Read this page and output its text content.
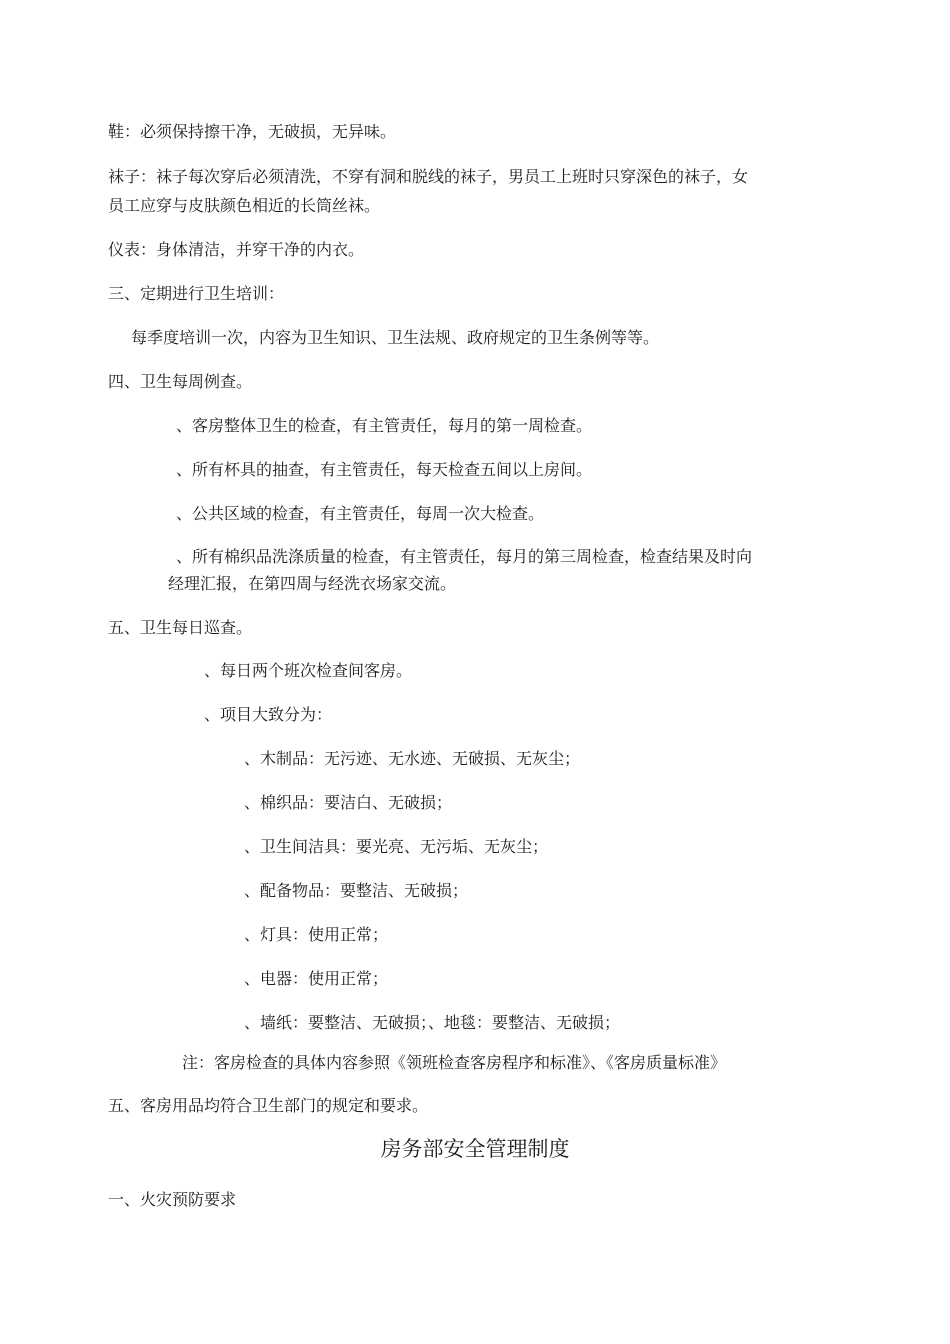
鞋：必须保持擦干净，无破损，无异味。
袜子：袜子每次穿后必须清洗，不穿有洞和脱线的袜子，男员工上班时只穿深色的袜子，女
员工应穿与皮肤颜色相近的长筒丝袜。
仪表：身体清洁，并穿干净的内衣。
三、定期进行卫生培训：
每季度培训一次，内容为卫生知识、卫生法规、政府规定的卫生条例等等。
四、卫生每周例查。
、客房整体卫生的检查，有主管责任，每月的第一周检查。
、所有杯具的抽查，有主管责任，每天检查五间以上房间。
、公共区域的检查，有主管责任，每周一次大检查。
、所有棉织品洗涤质量的检查，有主管责任，每月的第三周检查，检查结果及时向
经理汇报，在第四周与经洗衣场家交流。
五、卫生每日巡查。
、每日两个班次检查间客房。
、项目大致分为：
、木制品：无污迹、无水迹、无破损、无灰尘；
、棉织品：要洁白、无破损；
、卫生间洁具：要光亮、无污垢、无灰尘；
、配备物品：要整洁、无破损；
、灯具：使用正常；
、电器：使用正常；
、墙纸：要整洁、无破损；、地毯：要整洁、无破损；
注：客房检查的具体内容参照《领班检查客房程序和标准》、《客房质量标准》
五、客房用品均符合卫生部门的规定和要求。
房务部安全管理制度
一、火灾预防要求
